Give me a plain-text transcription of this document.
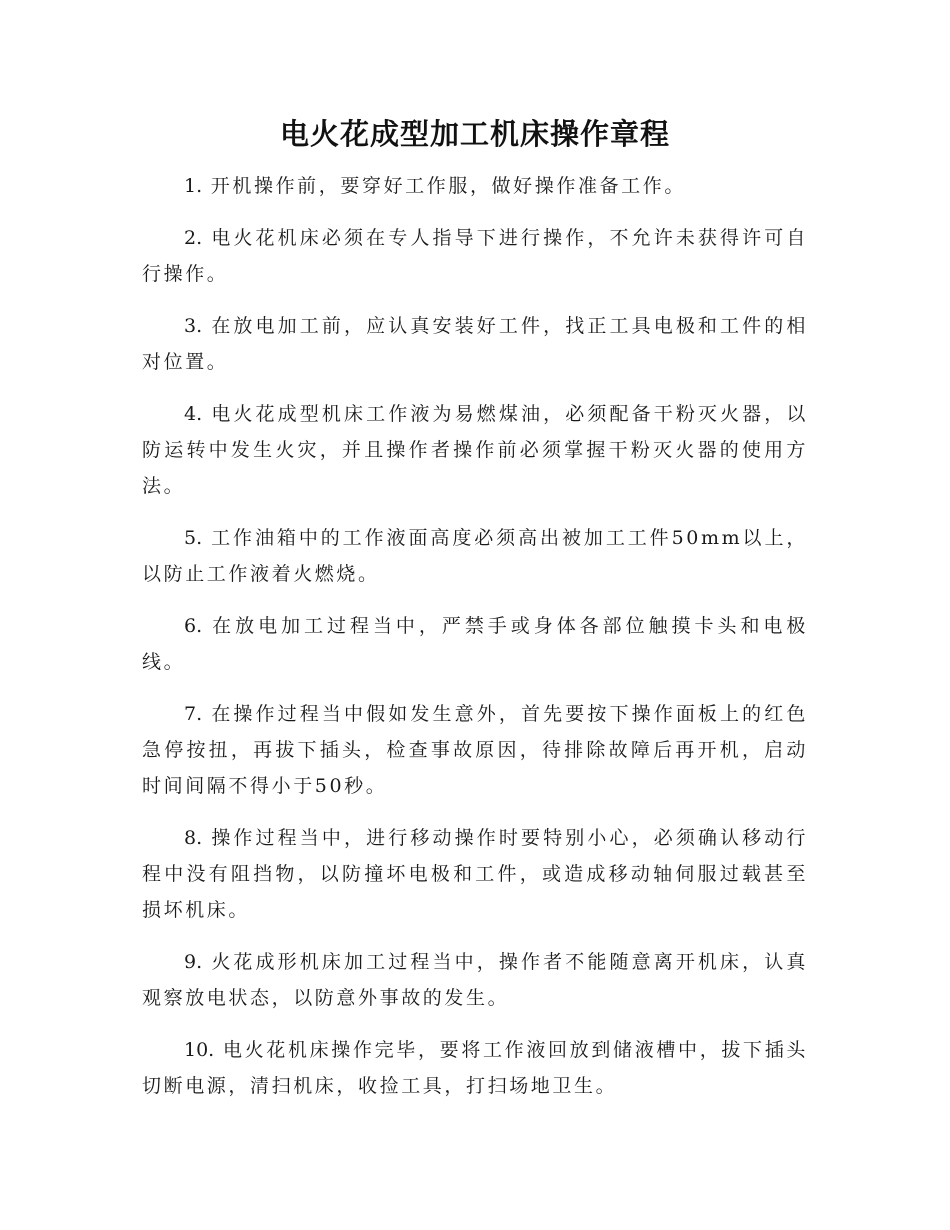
电火花成型加工机床操作章程
1. 开机操作前，要穿好工作服，做好操作准备工作。
2. 电火花机床必须在专人指导下进行操作，不允许未获得许可自行操作。
3. 在放电加工前，应认真安装好工件，找正工具电极和工件的相对位置。
4. 电火花成型机床工作液为易燃煤油，必须配备干粉灭火器，以防运转中发生火灾，并且操作者操作前必须掌握干粉灭火器的使用方法。
5. 工作油箱中的工作液面高度必须高出被加工工件50mm以上，以防止工作液着火燃烧。
6. 在放电加工过程当中，严禁手或身体各部位触摸卡头和电极线。
7. 在操作过程当中假如发生意外，首先要按下操作面板上的红色急停按扭，再拔下插头，检查事故原因，待排除故障后再开机，启动时间间隔不得小于50秒。
8. 操作过程当中，进行移动操作时要特别小心，必须确认移动行程中没有阻挡物，以防撞坏电极和工件，或造成移动轴伺服过载甚至损坏机床。
9. 火花成形机床加工过程当中，操作者不能随意离开机床，认真观察放电状态，以防意外事故的发生。
10. 电火花机床操作完毕，要将工作液回放到储液槽中，拔下插头切断电源，清扫机床，收捡工具，打扫场地卫生。
